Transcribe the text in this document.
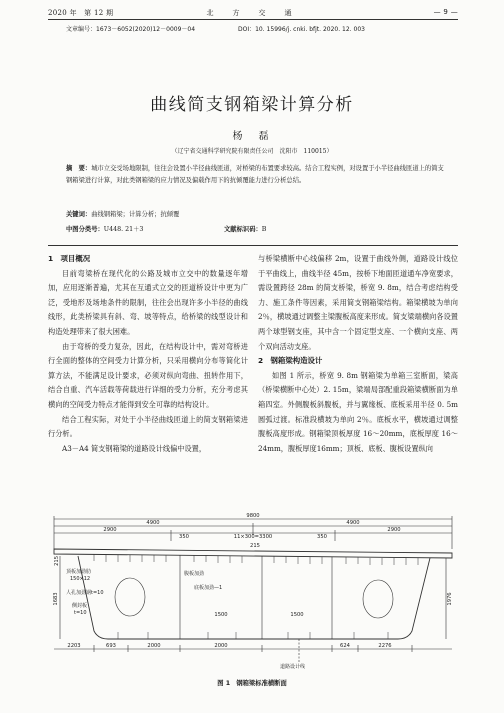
2020 年　第 12 期	北　方　交　通	— 9 —
文章编号：1673－6052(2020)12－0009－04	DOI：10. 15996/j. cnki. bfjt. 2020. 12. 003
曲线简支钢箱梁计算分析
杨　磊
（辽宁省交通科学研究院有限责任公司　沈阳市　110015）
摘　要：城市立交受场地限制，往往会设置小半径曲线匝道，对桥梁的布置要求较高。结合工程实例，对设置于小半径曲线匝道上的简支钢箱梁进行计算，对此类钢箱梁的应力情况及偏载作用下的抗倾覆能力进行分析总结。
关键词：曲线钢箱梁；计算分析；抗倾覆
中图分类号：U448. 21＋3	文献标识码：B
1　项目概况

目前弯梁桥在现代化的公路及城市立交中的数量逐年增加，应用逐渐普遍，尤其在互通式立交的匝道桥设计中更为广泛，受地形及场地条件的限制，往往会出现许多小半径的曲线线形，此类桥梁具有斜、弯、坡等特点，给桥梁的线型设计和构造处理带来了很大困难。

由于弯桥的受力复杂，因此，在结构设计中，需对弯桥进行全面的整体的空间受力计算分析，只采用横向分布等简化计算方法，不能满足设计要求，必须对纵向弯曲、扭转作用下，结合自重、汽车活载等荷载进行详细的受力分析，充分考虑其横向的空间受力特点才能得到安全可靠的结构设计。

结合工程实际，对处于小半径曲线匝道上的简支钢箱梁进行分析。

A3－A4 简支钢箱梁的道路设计线偏中设置，

与桥梁横断中心线偏移 2m，设置于曲线外侧，道路设计线位于平曲线上，曲线半径 45m，按桥下地面匝道通车净宽要求，需设置跨径 28m 的简支桥梁，桥宽 9. 8m，结合考虑结构受力、施工条件等因素，采用简支钢箱梁结构。箱梁横坡为单向 2％，横坡通过调整主梁腹板高度来形成。简支梁端横向各设置两个球型钢支座，其中含一个固定型支座、一个横向支座、两个双向活动支座。

2　钢箱梁构造设计

如图 1 所示，桥宽 9. 8m 钢箱梁为单箱三室断面，梁高（桥梁横断中心处）2. 15m，梁端局部配重段箱梁横断面为单箱四室。外侧腹板斜腹板，并与翼缘板、底板采用半径 0. 5m 圆弧过渡。标准段横坡为单向 2％。底板水平，横坡通过调整腹板高度形成。钢箱梁顶板厚度 16～20mm，底板厚度 16～24mm，腹板厚度16mm；顶板、底板、腹板设置纵向

9800
4900	4900
2900	2900
350	350
11×300=3300
215
215
1683	1976
1500	1500
2203	693	2000	2000	624	2276
顶板加劲肋
150×12
人孔加劲钢t=10
侧封板
t=10
腹板加劲
底板加劲—1
道路设计线
图 1　钢箱梁标准横断面
